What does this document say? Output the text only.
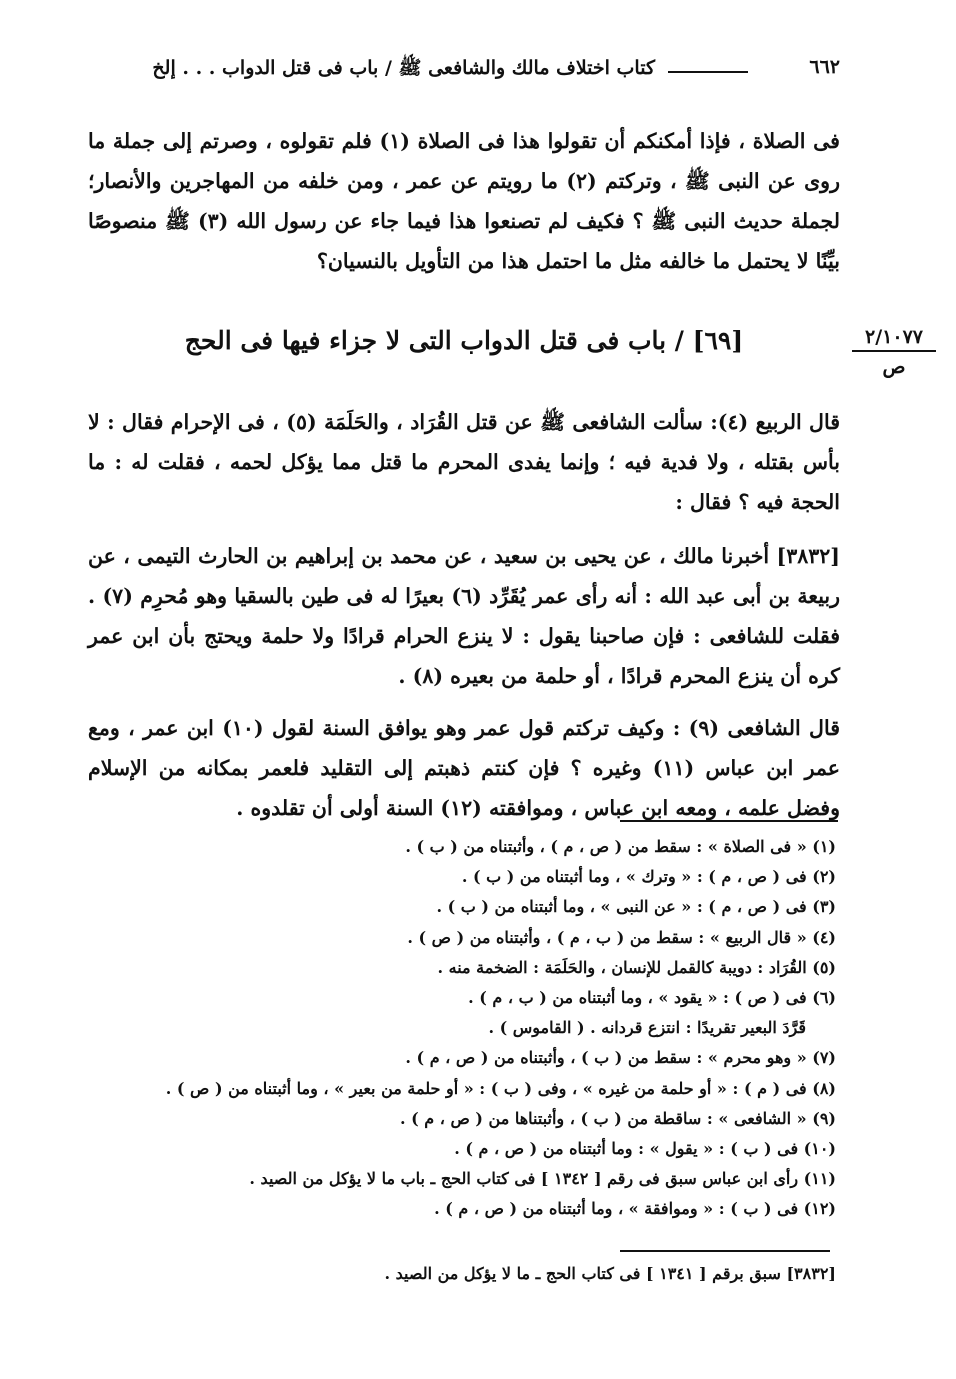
٦٦٢
كتاب اختلاف مالك والشافعى ﷺ / باب فى قتل الدواب . . . إلخ

فى الصلاة ، فإذا أمكنكم أن تقولوا هذا فى الصلاة (١) فلم تقولوه ، وصرتم إلى جملة ما روى عن النبى ﷺ ، وتركتم (٢) ما رويتم عن عمر ، ومن خلفه من المهاجرين والأنصار؛ لجملة حديث النبى ﷺ ؟ فكيف لم تصنعوا هذا فيما جاء عن رسول الله (٣) ﷺ منصوصًا بيِّنًا لا يحتمل ما خالفه مثل ما احتمل هذا من التأويل بالنسيان؟

[٦٩] / باب فى قتل الدواب التى لا جزاء فيها فى الحج	٢/١٠٧٧
ص

قال الربيع (٤): سألت الشافعى ﷺ عن قتل القُرَاد ، والحَلَمَة (٥) ، فى الإحرام فقال : لا بأس بقتله ، ولا فدية فيه ؛ وإنما يفدى المحرم ما قتل مما يؤكل لحمه ، فقلت له : ما الحجة فيه ؟ فقال :

[٣٨٣٢] أخبرنا مالك ، عن يحيى بن سعيد ، عن محمد بن إبراهيم بن الحارث التيمى ، عن ربيعة بن أبى عبد الله : أنه رأى عمر يُقَرِّد (٦) بعيرًا له فى طين بالسقيا وهو مُحرِم (٧) . فقلت للشافعى : فإن صاحبنا يقول : لا ينزع الحرام قرادًا ولا حلمة ويحتج بأن ابن عمر كره أن ينزع المحرم قرادًا ، أو حلمة من بعيره (٨) .

قال الشافعى (٩) : وكيف تركتم قول عمر وهو يوافق السنة لقول (١٠) ابن عمر ، ومع عمر ابن عباس (١١) وغيره ؟ فإن كنتم ذهبتم إلى التقليد فلعمر بمكانه من الإسلام وفضل علمه ، ومعه ابن عباس ، وموافقته (١٢) السنة أولى أن تقلدوه .

(١) « فى الصلاة » : سقط من ( ص ، م ) ، وأثبتناه من ( ب ) .
(٢) فى ( ص ، م ) : « وترك » ، وما أثبتناه من ( ب ) .
(٣) فى ( ص ، م ) : « عن النبى » ، وما أثبتناه من ( ب ) .
(٤) « قال الربيع » : سقط من ( ب ، م ) ، وأثبتناه من ( ص ) .
(٥) القُرَاد : دويبة كالقمل للإنسان ، والحَلَمَة : الضخمة منه .
(٦) فى ( ص ) : « يقود » ، وما أثبتناه من ( ب ، م ) .
قَرَّدَ البعير تقريدًا : انتزع قردانه . ( القاموس ) .
(٧) « وهو محرم » : سقط من ( ب ) ، وأثبتناه من ( ص ، م ) .
(٨) فى ( م ) : « أو حلمة من غيره » ، وفى ( ب ) : « أو حلمة من بعير » ، وما أثبتناه من ( ص ) .
(٩) « الشافعى » : ساقطة من ( ب ) ، وأثبتناها من ( ص ، م ) .
(١٠) فى ( ب ) : « يقول » : وما أثبتناه من ( ص ، م ) .
(١١) رأى ابن عباس سبق فى رقم [ ١٣٤٢ ] فى كتاب الحج ـ باب ما لا يؤكل من الصيد .
(١٢) فى ( ب ) : « وموافقة » ، وما أثبتناه من ( ص ، م ) .
[٣٨٣٢] سبق برقم [ ١٣٤١ ] فى كتاب الحج ـ ما لا يؤكل من الصيد .
